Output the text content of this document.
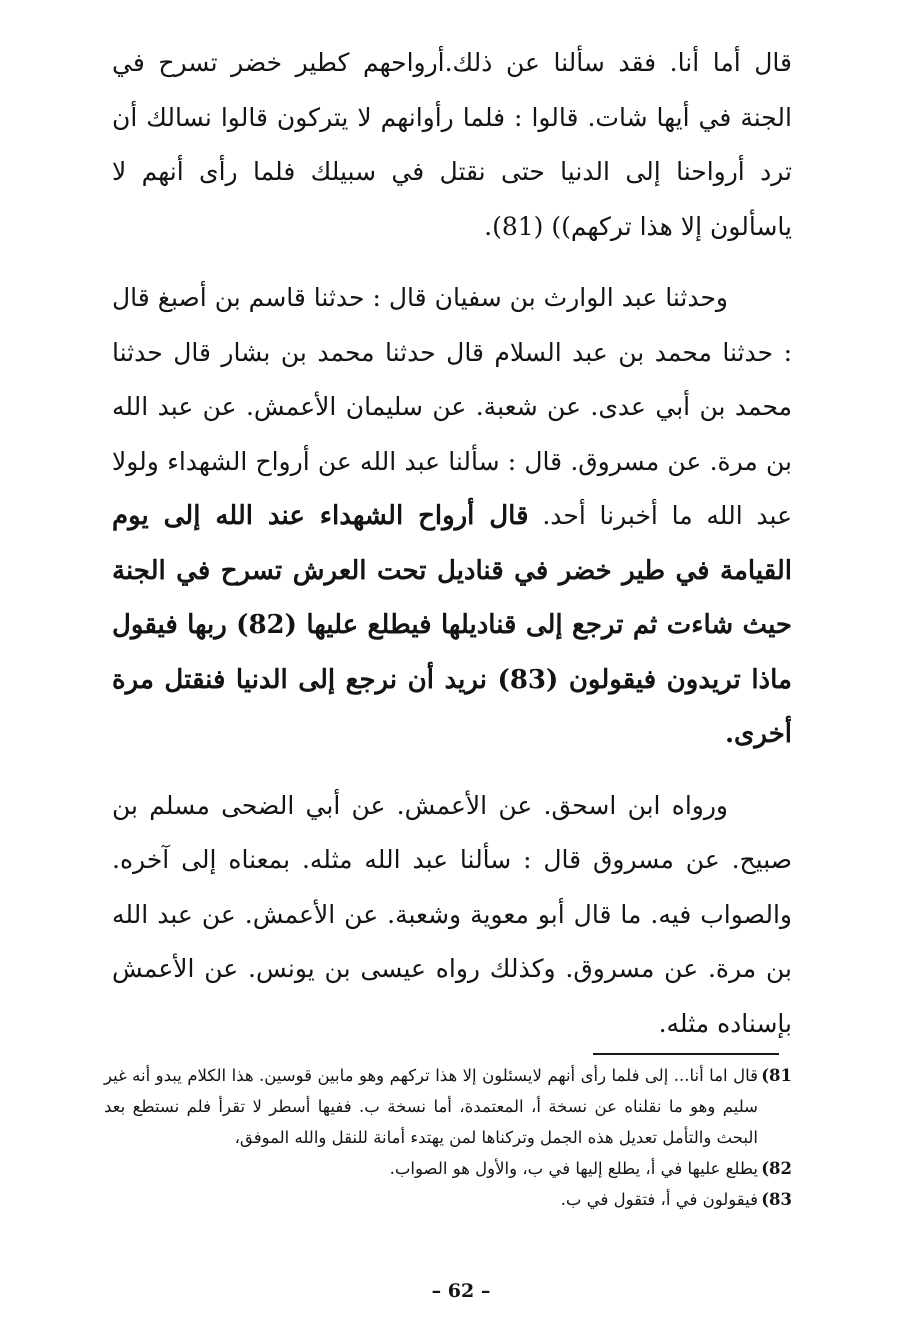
قال أما أنا. فقد سألنا عن ذلك.أرواحهم كطير خضر تسرح في الجنة في أيها شات. قالوا : فلما رأوانهم لا يتركون قالوا نسالك أن ترد أرواحنا إلى الدنيا حتى نقتل في سبيلك فلما رأى أنهم لا ياسألون إلا هذا تركهم)) (81).

وحدثنا عبد الوارث بن سفيان قال : حدثنا قاسم بن أصبغ قال : حدثنا محمد بن عبد السلام قال حدثنا محمد بن بشار قال حدثنا محمد بن أبي عدى. عن شعبة. عن سليمان الأعمش. عن عبد الله بن مرة. عن مسروق. قال : سألنا عبد الله عن أرواح الشهداء ولولا عبد الله ما أخبرنا أحد. قال أرواح الشهداء عند الله إلى يوم القيامة في طير خضر في قناديل تحت العرش تسرح في الجنة حيث شاءت ثم ترجع إلى قناديلها فيطلع عليها (82) ربها فيقول ماذا تريدون فيقولون (83) نريد أن نرجع إلى الدنيا فنقتل مرة أخرى.

ورواه ابن اسحق. عن الأعمش. عن أبي الضحى مسلم بن صبيح. عن مسروق قال : سألنا عبد الله مثله. بمعناه إلى آخره. والصواب فيه. ما قال أبو معوية وشعبة. عن الأعمش. عن عبد الله بن مرة. عن مسروق. وكذلك رواه عيسى بن يونس. عن الأعمش بإسناده مثله.

81)
قال اما أنا... إلى فلما رأى أنهم لايسئلون إلا هذا تركهم وهو مابين قوسين. هذا الكلام يبدو أنه غير سليم وهو ما نقلناه عن نسخة أ، المعتمدة، أما نسخة ب. ففيها أسطر لا تقرأ فلم نستطع بعد البحث والتأمل تعديل هذه الجمل وتركناها لمن يهتدء أمانة للنقل والله الموفق،
82)
يطلع عليها في أ، يطلع إليها في ب، والأول هو الصواب.
83)
فيقولون في أ، فتقول في ب.
– 62 –
